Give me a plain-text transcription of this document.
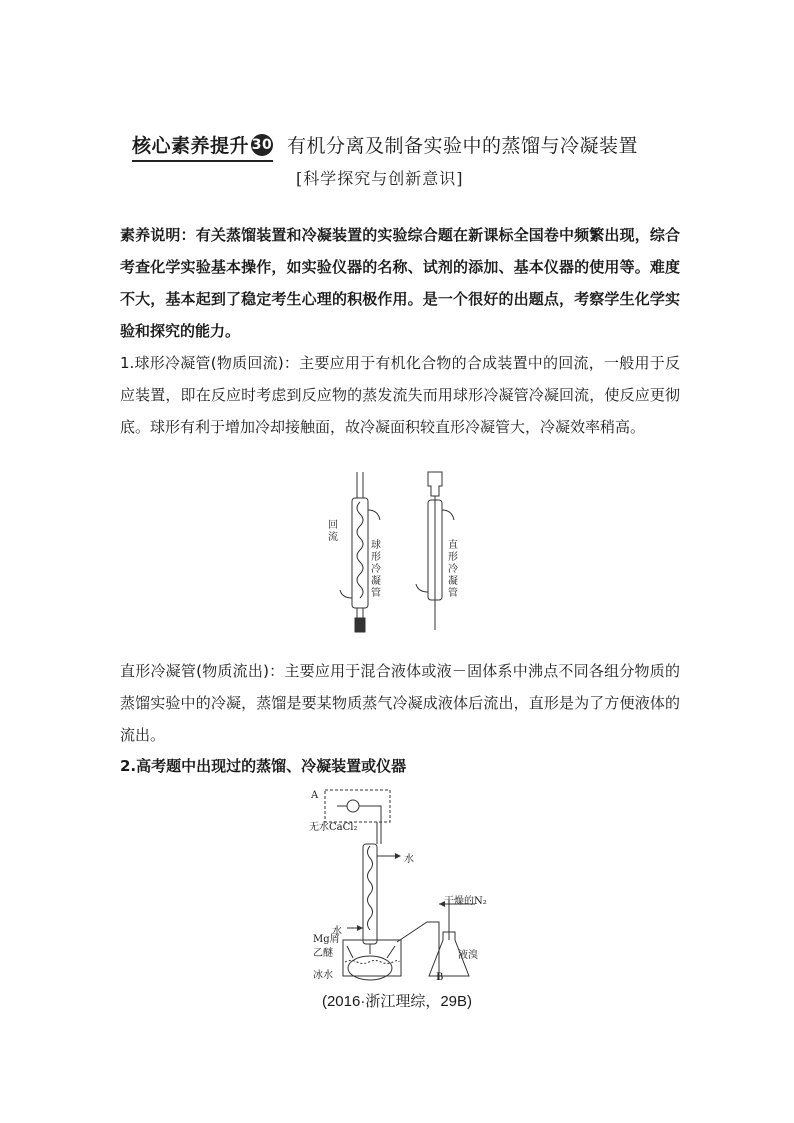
核心素养提升 30 有机分离及制备实验中的蒸馏与冷凝装置
[科学探究与创新意识]
素养说明：有关蒸馏装置和冷凝装置的实验综合题在新课标全国卷中频繁出现，综合考查化学实验基本操作，如实验仪器的名称、试剂的添加、基本仪器的使用等。难度不大，基本起到了稳定考生心理的积极作用。是一个很好的出题点，考察学生化学实验和探究的能力。
1.球形冷凝管(物质回流)：主要应用于有机化合物的合成装置中的回流，一般用于反应装置，即在反应时考虑到反应物的蒸发流失而用球形冷凝管冷凝回流，使反应更彻底。球形有利于增加冷却接触面，故冷凝面积较直形冷凝管大，冷凝效率稍高。
回流
球形冷凝管
直形冷凝管
直形冷凝管(物质流出)：主要应用于混合液体或液－固体系中沸点不同各组分物质的蒸馏实验中的冷凝，蒸馏是要某物质蒸气冷凝成液体后流出，直形是为了方便液体的流出。
2.高考题中出现过的蒸馏、冷凝装置或仪器
A
无水CaCl₂
水
水
干燥的N₂
Mg屑
乙醚
冰水
液溴
B
(2016·浙江理综，29B)
